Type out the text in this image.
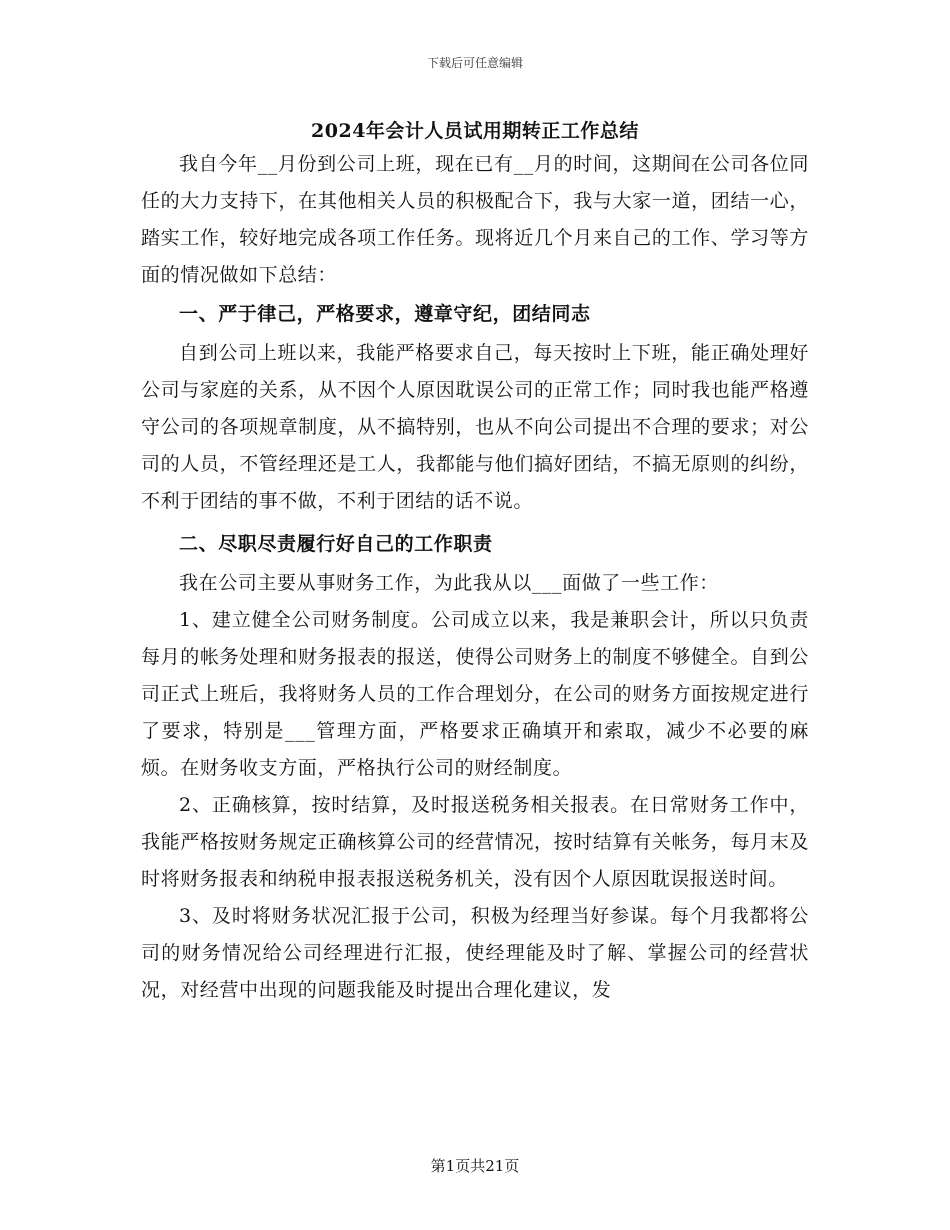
下载后可任意编辑
2024年会计人员试用期转正工作总结

我自今年__月份到公司上班，现在已有__月的时间，这期间在公司各位同任的大力支持下，在其他相关人员的积极配合下，我与大家一道，团结一心，踏实工作，较好地完成各项工作任务。现将近几个月来自己的工作、学习等方面的情况做如下总结：

一、严于律己，严格要求，遵章守纪，团结同志

自到公司上班以来，我能严格要求自己，每天按时上下班，能正确处理好公司与家庭的关系，从不因个人原因耽误公司的正常工作；同时我也能严格遵守公司的各项规章制度，从不搞特别，也从不向公司提出不合理的要求；对公司的人员，不管经理还是工人，我都能与他们搞好团结，不搞无原则的纠纷，不利于团结的事不做，不利于团结的话不说。

二、尽职尽责履行好自己的工作职责

我在公司主要从事财务工作，为此我从以___面做了一些工作：

1、建立健全公司财务制度。公司成立以来，我是兼职会计，所以只负责每月的帐务处理和财务报表的报送，使得公司财务上的制度不够健全。自到公司正式上班后，我将财务人员的工作合理划分，在公司的财务方面按规定进行了要求，特别是___管理方面，严格要求正确填开和索取，减少不必要的麻烦。在财务收支方面，严格执行公司的财经制度。

2、正确核算，按时结算，及时报送税务相关报表。在日常财务工作中，我能严格按财务规定正确核算公司的经营情况，按时结算有关帐务，每月末及时将财务报表和纳税申报表报送税务机关，没有因个人原因耽误报送时间。

3、及时将财务状况汇报于公司，积极为经理当好参谋。每个月我都将公司的财务情况给公司经理进行汇报，使经理能及时了解、掌握公司的经营状况，对经营中出现的问题我能及时提出合理化建议，发

第1页共21页
